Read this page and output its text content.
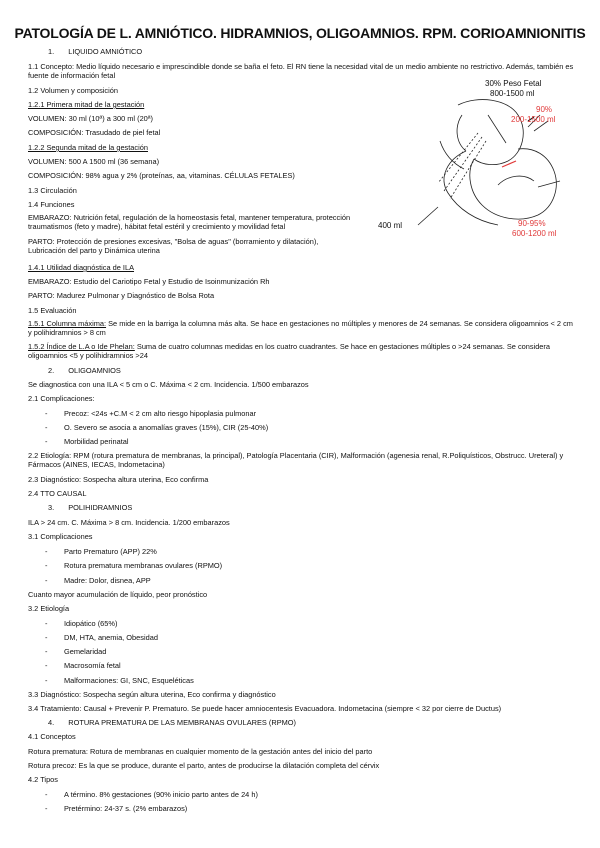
PATOLOGÍA DE L. AMNIÓTICO. HIDRAMNIOS, OLIGOAMNIOS. RPM. CORIOAMNIONITIS
1. LIQUIDO AMNIÓTICO
1.1 Concepto: Medio líquido necesario e imprescindible donde se baña el feto. El RN tiene la necesidad vital de un medio ambiente no restrictivo. Además, también es fuente de información fetal
1.2 Volumen y composición
1.2.1 Primera mitad de la gestación
VOLUMEN: 30 ml (10ª) a 300 ml (20ª)
COMPOSICIÓN: Trasudado de piel fetal
1.2.2 Segunda mitad de la gestación
VOLUMEN: 500 A 1500 ml (36 semana)
COMPOSICIÓN: 98% agua y 2% (proteínas, aa, vitaminas. CÉLULAS FETALES)
1.3 Circulación
1.4 Funciones
EMBARAZO: Nutrición fetal, regulación de la homeostasis fetal, mantener temperatura, protección traumatismos (feto y madre), hábitat fetal estéril y crecimiento y movilidad fetal
PARTO: Protección de presiones excesivas, "Bolsa de aguas" (borramiento y dilatación), Lubricación del parto y Dinámica uterina
1.4.1 Utilidad diagnóstica de ILA
EMBARAZO: Estudio del Cariotipo Fetal y Estudio de Isoinmunización Rh
PARTO: Madurez Pulmonar y Diagnóstico de Bolsa Rota
1.5 Evaluación
1.5.1 Columna máxima: Se mide en la barriga la columna más alta. Se hace en gestaciones no múltiples y menores de 24 semanas. Se considera oligoamnios < 2 cm y polihidramnios > 8 cm
1.5.2 Índice de L.A o Ide Phelan: Suma de cuatro columnas medidas en los cuatro cuadrantes. Se hace en gestaciones múltiples o >24 semanas. Se considera oligoamnios <5 y polihidramnios >24
2. OLIGOAMNIOS
Se diagnostica con una ILA < 5 cm o C. Máxima < 2 cm. Incidencia. 1/500 embarazos
2.1 Complicaciones:
- Precoz: <24s +C.M < 2 cm alto riesgo hipoplasia pulmonar
- O. Severo se asocia a anomalías graves (15%), CIR (25-40%)
- Morbilidad perinatal
2.2 Etiología: RPM (rotura prematura de membranas, la principal), Patología Placentaria (CIR), Malformación (agenesia renal, R.Poliquísticos, Obstrucc. Ureteral) y Fármacos (AINES, IECAS, Indometacina)
2.3 Diagnóstico: Sospecha altura uterina, Eco confirma
2.4 TTO CAUSAL
3. POLIHIDRAMNIOS
ILA > 24 cm. C. Máxima > 8 cm. Incidencia. 1/200 embarazos
3.1 Complicaciones
- Parto Prematuro (APP) 22%
- Rotura prematura membranas ovulares (RPMO)
- Madre: Dolor, disnea, APP
Cuanto mayor acumulación de líquido, peor pronóstico
3.2 Etiología
- Idiopático (65%)
- DM, HTA, anemia, Obesidad
- Gemelaridad
- Macrosomía fetal
- Malformaciones: GI, SNC, Esqueléticas
3.3 Diagnóstico: Sospecha según altura uterina, Eco confirma y diagnóstico
3.4 Tratamiento: Causal + Prevenir P. Prematuro. Se puede hacer amniocentesis Evacuadora. Indometacina (siempre < 32 por cierre de Ductus)
4. ROTURA PREMATURA DE LAS MEMBRANAS OVULARES (RPMO)
4.1 Conceptos
Rotura prematura: Rotura de membranas en cualquier momento de la gestación antes del inicio del parto
Rotura precoz: Es la que se produce, durante el parto, antes de producirse la dilatación completa del cérvix
4.2 Tipos
- A término. 8% gestaciones (90% inicio parto antes de 24 h)
- Pretérmino: 24-37 s. (2% embarazos)
30% Peso Fetal
800-1500 ml
90%
200-1500 ml
90-95%
600-1200 ml
400 ml
